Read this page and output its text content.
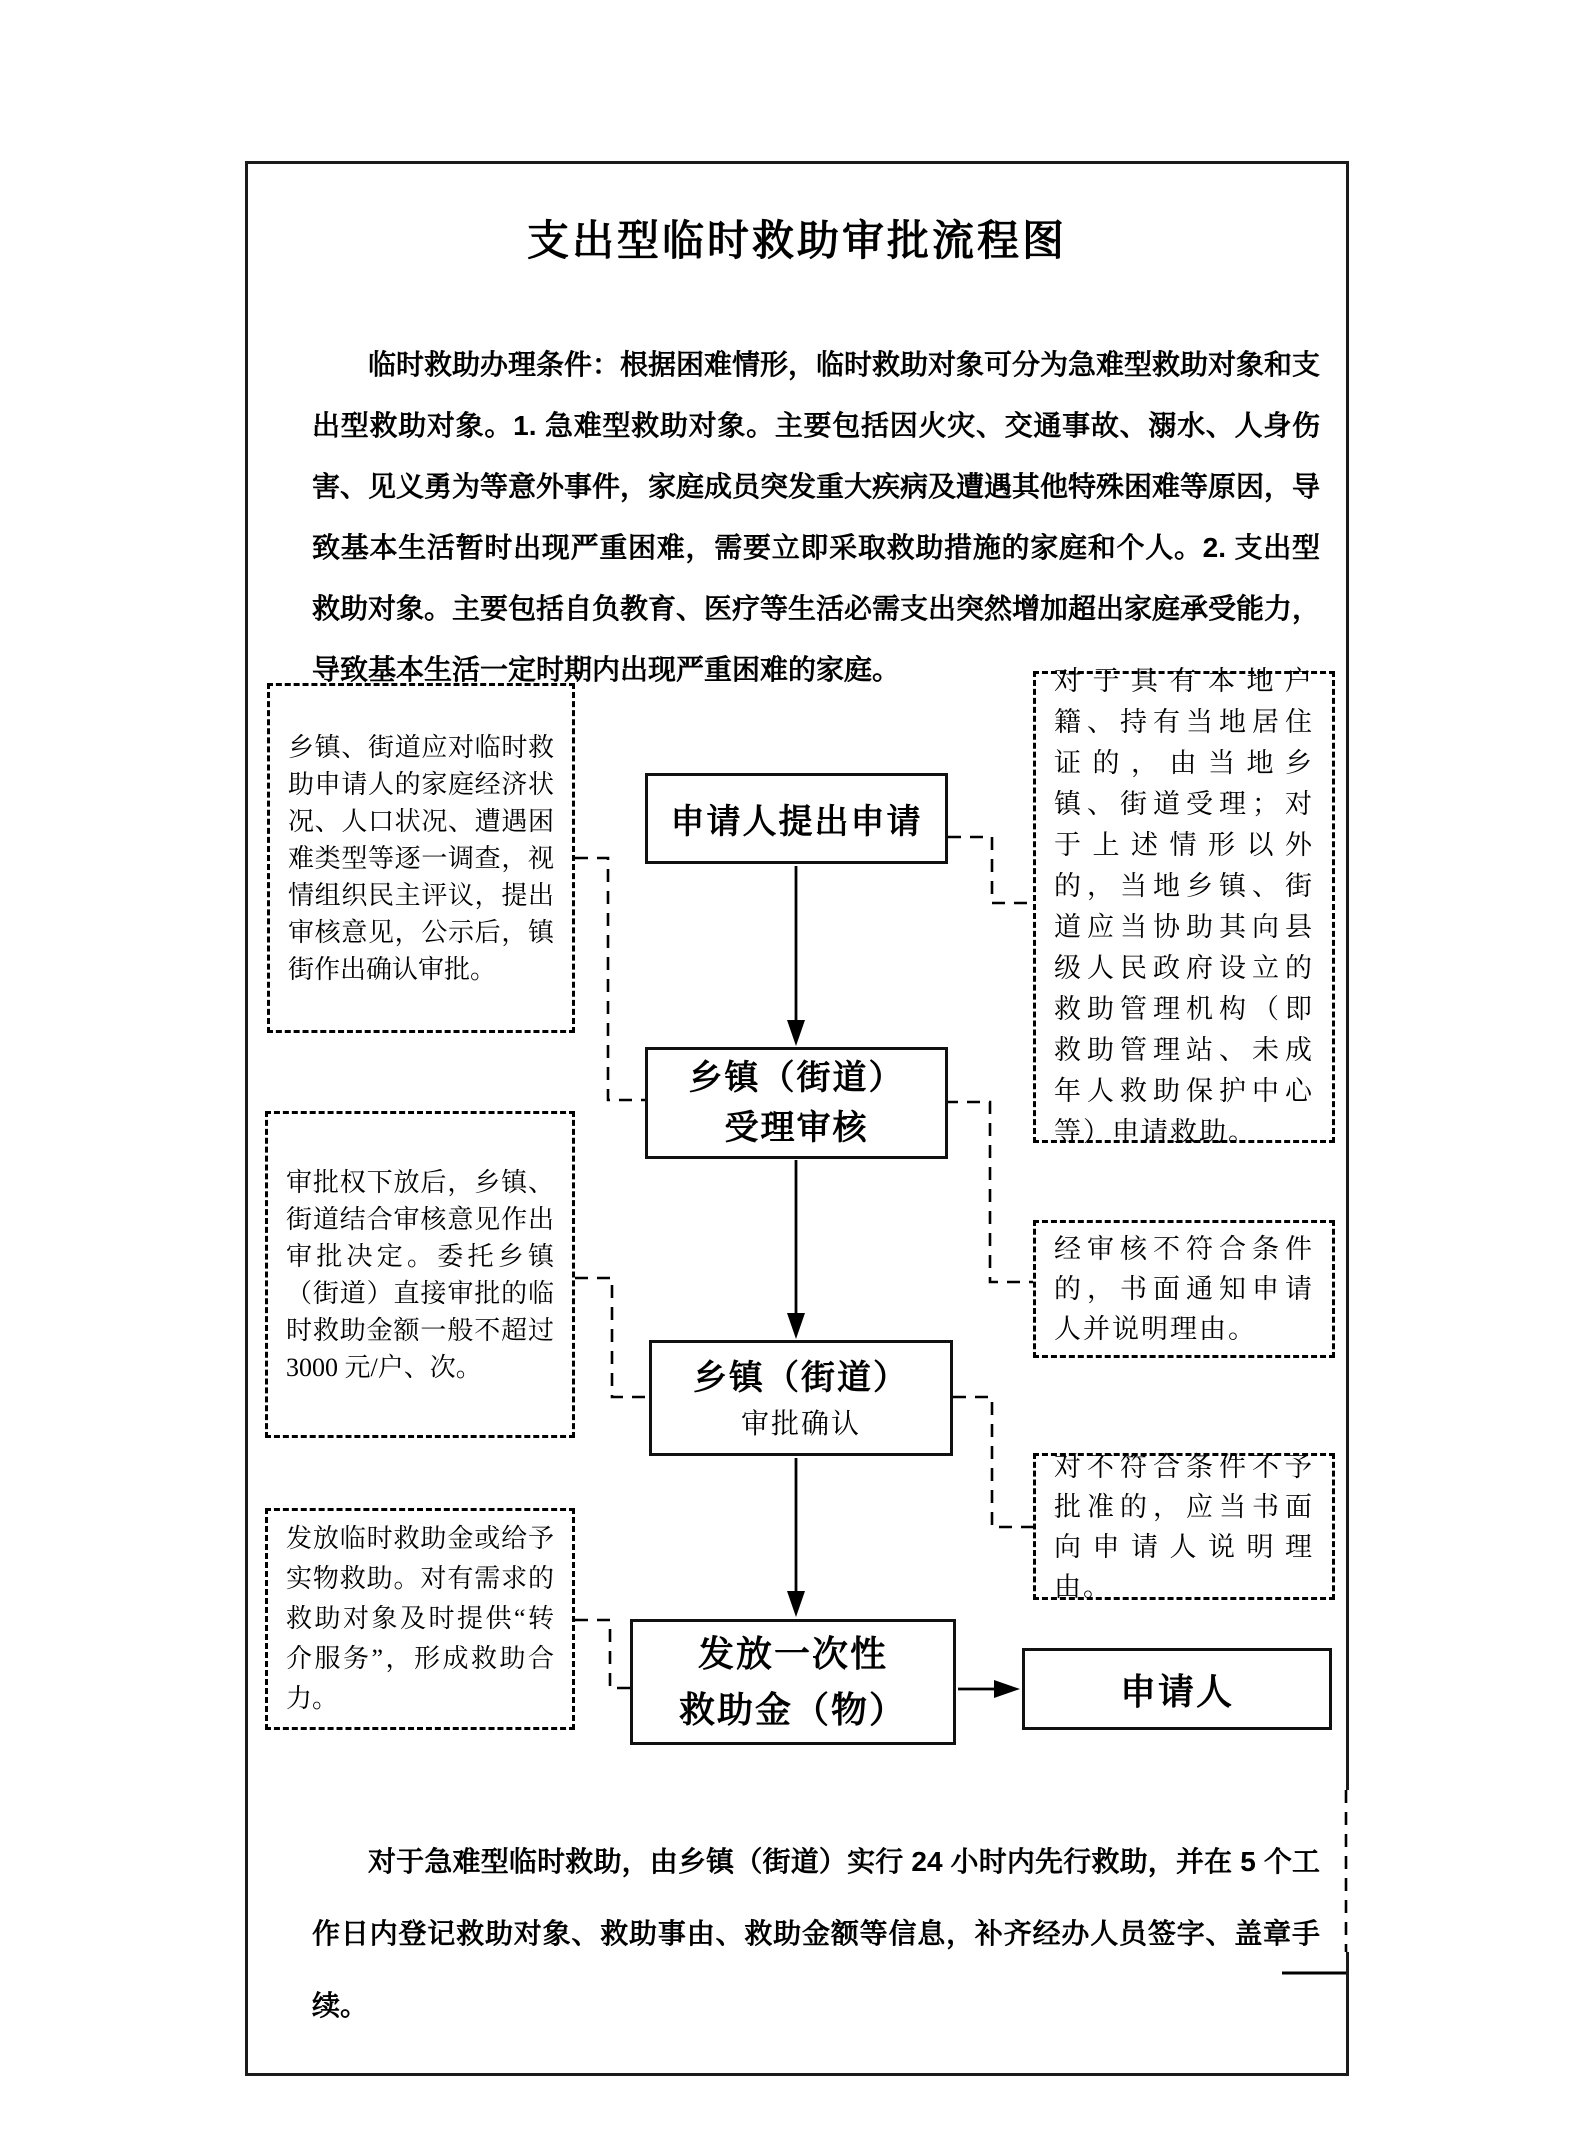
支出型临时救助审批流程图

临时救助办理条件：根据困难情形，临时救助对象可分为急难型救助对象和支出型救助对象。1. 急难型救助对象。主要包括因火灾、交通事故、溺水、人身伤害、见义勇为等意外事件，家庭成员突发重大疾病及遭遇其他特殊困难等原因，导致基本生活暂时出现严重困难，需要立即采取救助措施的家庭和个人。2. 支出型救助对象。主要包括自负教育、医疗等生活必需支出突然增加超出家庭承受能力，导致基本生活一定时期内出现严重困难的家庭。

乡镇、街道应对临时救助申请人的家庭经济状况、人口状况、遭遇困难类型等逐一调查，视情组织民主评议，提出审核意见，公示后，镇街作出确认审批。
审批权下放后，乡镇、街道结合审核意见作出审批决定。委托乡镇（街道）直接审批的临时救助金额一般不超过 3000 元/户、次。
发放临时救助金或给予实物救助。对有需求的救助对象及时提供“转介服务”，形成救助合力。
对于具有本地户籍、持有当地居住证的，由当地乡镇、街道受理；对于上述情形以外的，当地乡镇、街道应当协助其向县级人民政府设立的救助管理机构（即救助管理站、未成年人救助保护中心等）申请救助。
经审核不符合条件的，书面通知申请人并说明理由。
对不符合条件不予批准的，应当书面向申请人说明理由。
申请人提出申请
乡镇（街道）
受理审核
乡镇（街道）
审批确认
发放一次性
救助金（物）	申请人

对于急难型临时救助，由乡镇（街道）实行 24 小时内先行救助，并在 5 个工作日内登记救助对象、救助事由、救助金额等信息，补齐经办人员签字、盖章手续。
